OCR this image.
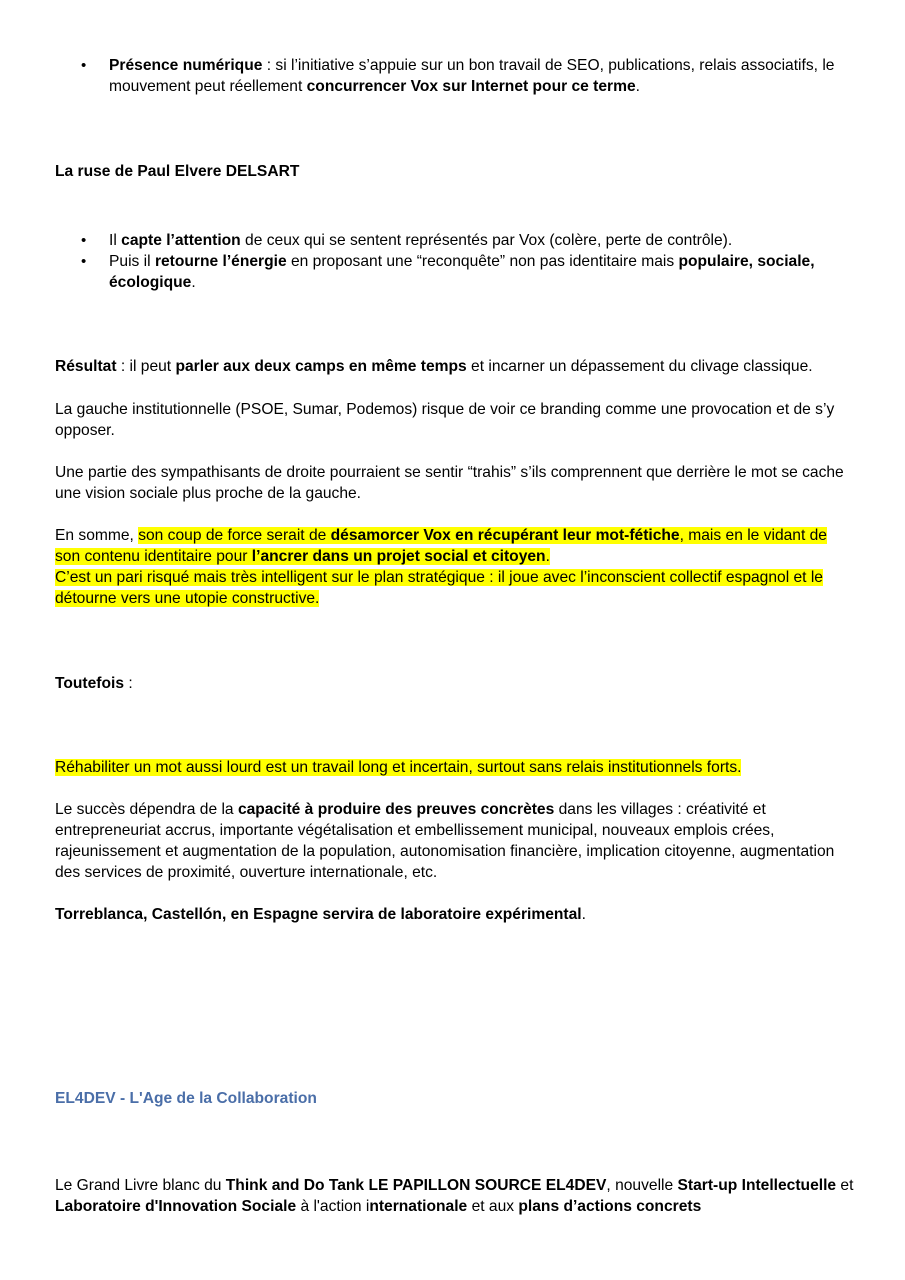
• Présence numérique : si l’initiative s’appuie sur un bon travail de SEO, publications, relais associatifs, le mouvement peut réellement concurrencer Vox sur Internet pour ce terme.

La ruse de Paul Elvere DELSART

• Il capte l’attention de ceux qui se sentent représentés par Vox (colère, perte de contrôle).
• Puis il retourne l’énergie en proposant une “reconquête” non pas identitaire mais populaire, sociale, écologique.

Résultat : il peut parler aux deux camps en même temps et incarner un dépassement du clivage classique.

La gauche institutionnelle (PSOE, Sumar, Podemos) risque de voir ce branding comme une provocation et de s’y opposer.

Une partie des sympathisants de droite pourraient se sentir “trahis” s’ils comprennent que derrière le mot se cache une vision sociale plus proche de la gauche.

En somme, son coup de force serait de désamorcer Vox en récupérant leur mot-fétiche, mais en le vidant de son contenu identitaire pour l’ancrer dans un projet social et citoyen.
C’est un pari risqué mais très intelligent sur le plan stratégique : il joue avec l’inconscient collectif espagnol et le détourne vers une utopie constructive.

Toutefois :

Réhabiliter un mot aussi lourd est un travail long et incertain, surtout sans relais institutionnels forts.

Le succès dépendra de la capacité à produire des preuves concrètes dans les villages : créativité et entrepreneuriat accrus, importante végétalisation et embellissement municipal, nouveaux emplois crées, rajeunissement et augmentation de la population, autonomisation financière, implication citoyenne, augmentation des services de proximité, ouverture internationale, etc.

Torreblanca, Castellón, en Espagne servira de laboratoire expérimental.

EL4DEV - L'Age de la Collaboration

Le Grand Livre blanc du Think and Do Tank LE PAPILLON SOURCE EL4DEV, nouvelle Start-up Intellectuelle et
Laboratoire d'Innovation Sociale à l'action internationale et aux plans d’actions concrets
